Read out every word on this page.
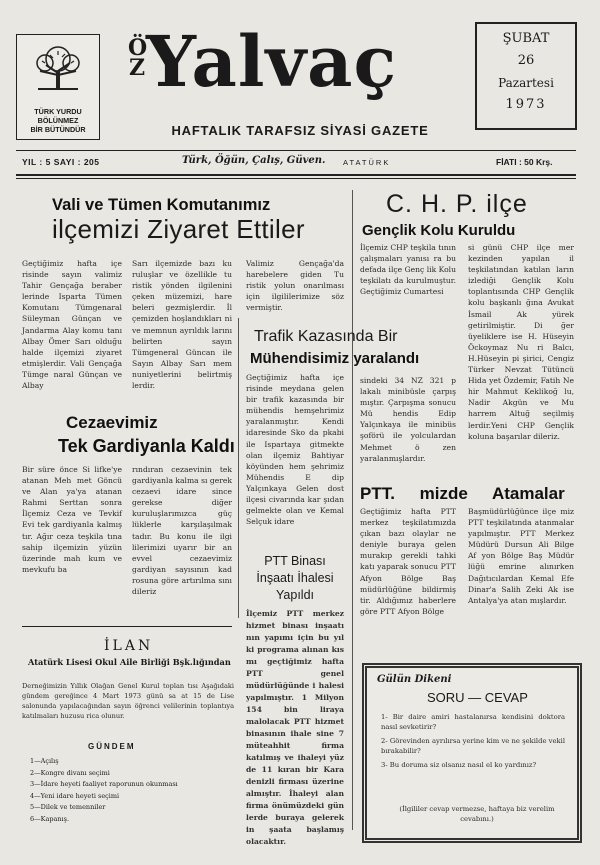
TÜRK YURDU
BÖLÜNMEZ
BİR BÜTÜNDÜR
ÖZ Yalvaç
HAFTALIK TARAFSIZ SİYASİ GAZETE
ŞUBAT
26
Pazartesi
1973
YIL : 5 SAYI : 205	Türk, Öğün, Çalış, Güven. ATATÜRK	FİATI : 50 Krş.
Vali ve Tümen Komutanımız
ilçemizi Ziyaret Ettiler

Geçtiğimiz hafta içe risinde sayın valimiz Tahir Gençağa beraber lerinde Isparta Tümen Komutanı Tümgenaral Süleyman Günçan ve Jandarma Alay komu tanı Albay Ömer Sarı olduğu halde ilçemizi ziyaret etmişlerdir. Vali Gençağa Tümge naral Günçan ve Albay

Sarı ilçemizde bazı ku ruluşlar ve özellikle tu ristik yönden ilgilenini çeken müzemizi, hare beleri gezmişlerdir. İl çemizden hoşlandıkları ni ve memnun ayrıldık larını belirten sayın Tümgeneral Güncan ile Sayın Albay Sarı mem nuniyetlerini belirtmiş lerdir.

Valimiz Gençağa'da harebelere giden Tu ristik yolun onarılması için ilgililerimize söz vermiştir.

Cezaevimiz
Tek Gardiyanla Kaldı

Bir süre önce Si lifke'ye atanan Meh met Göncü ve Alan ya'ya atanan Rahmi Serttan sonra İlçemiz Ceza ve Tevkif Evi tek gardiyanla kalmış tır. Ağır ceza teşkila tına sahip ilçemizin yüzün üzerinde mah kum ve mevkufu ba

rındıran cezaevinin tek gardiyanla kalma sı gerek cezaevi idare since gerekse diğer kuruluşlarımızca güç lüklerle karşılaşılmak tadır. Bu konu ile ilgi lilerimizi uyarır bir an evvel cezaevimiz gardiyan sayısının kad rosuna göre artırılma sını dileriz

İLAN
Atatürk Lisesi Okul Aile Birliği Bşk.lığından

Derneğimizin Yıllık Olağan Genel Kurul toplan tısı Aşağıdaki gündem gereğince 4 Mart 1973 günü sa at 15 de Lise salonunda yapılacağından sayın öğrenci velilerinin toplantıya katılmaları huzusu rica olunur.

GÜNDEM
1—Açılış
2—Kongre divanı seçimi
3—İdare heyeti faaliyet raporunun okunması
4—Yeni idare heyeti seçimi
5—Dilek ve temenniler
6—Kapanış.
Trafik Kazasında Bir
Mühendisimiz yaralandı

Geçtiğimiz hafta içe risinde meydana gelen bir trafik kazasında bir mühendis hemşehrimiz yaralanmıştır. Kendi idaresinde Sko da pkabi ile Ispartaya gitmekte olan ilçemiz Bahtiyar köyünden hem şehrimiz Mühendis E dip Yalçınkaya Gelen dost ilçesi civarında kar şıdan gelmekte olan ve Kemal Selçuk idare

sindeki 34 NZ 321 p lakalı minibüsle çarpış mıştır. Çarpışma sonucu Mü hendis Edip Yalçınkaya ile minibüs şoförü ile yolculardan Mehmet ö zen yaralanmışlardır.

PTT Binası
İnşaatı İhalesi
Yapıldı

İlçemiz PTT merkez hizmet binası inşaatı nın yapımı için bu yıl ki programa alınan kıs mı geçtiğimiz hafta PTT genel müdürlüğünde i halesi yapılmıştır. 1 Milyon 154 bin liraya malolacak PTT hizmet binasının ihale sine 7 müteahhit firma katılmış ve ihaleyi yüz de 11 kıran bir Kara denizli firması üzerine almıştır. İhaleyi alan firma önümüzdeki gün lerde buraya gelerek in şaata başlamış olacaktır.

C. H. P. ilçe
Gençlik Kolu Kuruldu

İlçemiz CHP teşkila tının çalışmaları yanısı ra bu defada ilçe Genç lik Kolu teşkilatı da kurulmuştur. Geçtiğimiz Cumartesi

si günü CHP ilçe mer kezinden yapılan il teşkilatından katılan ların izlediği Gençlik Kolu toplantısında CHP Gençlik kolu başkanlı ğına Avukat İsmail Ak yürek getirilmiştir. Di ğer üyeliklere ise H. Hüseyin Öckoymaz Nu ri Balcı, H.Hüseyin pi şirici, Cengiz Türker Nevzat Tütüncü Hida yet Özdemir, Fatih Ne hir Mahmut Keklikoğ lu, Nadir Akgün ve Mu harrem Altuğ seçilmiş lerdir.Yeni CHP Gençlik koluna başarılar dileriz.

PTT. mizde Atamalar

Geçtiğimiz hafta PTT merkez teşkilatımızda çıkan bazı olaylar ne deniyle buraya gelen murakıp gerekli tahki katı yaparak sonucu PTT Afyon Bölge Baş müdürlüğüne bildirmiş tir. Aldığımız haberlere göre PTT Afyon Bölge

Başmüdürlüğünce ilçe miz PTT teşkilatında atanmalar yapılmıştır. PTT Merkez Müdürü Dursun Ali Bilge Af yon Bölge Baş Müdür lüğü emrine alınırken Dağıtıcılardan Kemal Efe Dinar'a Salih Zeki Ak ise Antalya'ya atan mışlardır.

Gülün Dikeni
SORU — CEVAP

1- Bir daire amiri hastalanırsa kendisini doktora nasıl sevketirir?

2- Görevinden ayrılırsa yerine kim ve ne şekilde vekil bırakabilir?

3- Bu doruma siz olsanız nasıl el ko yardınız?

(İlgililer cevap vermezse, haftaya biz verelim cevabını.)
